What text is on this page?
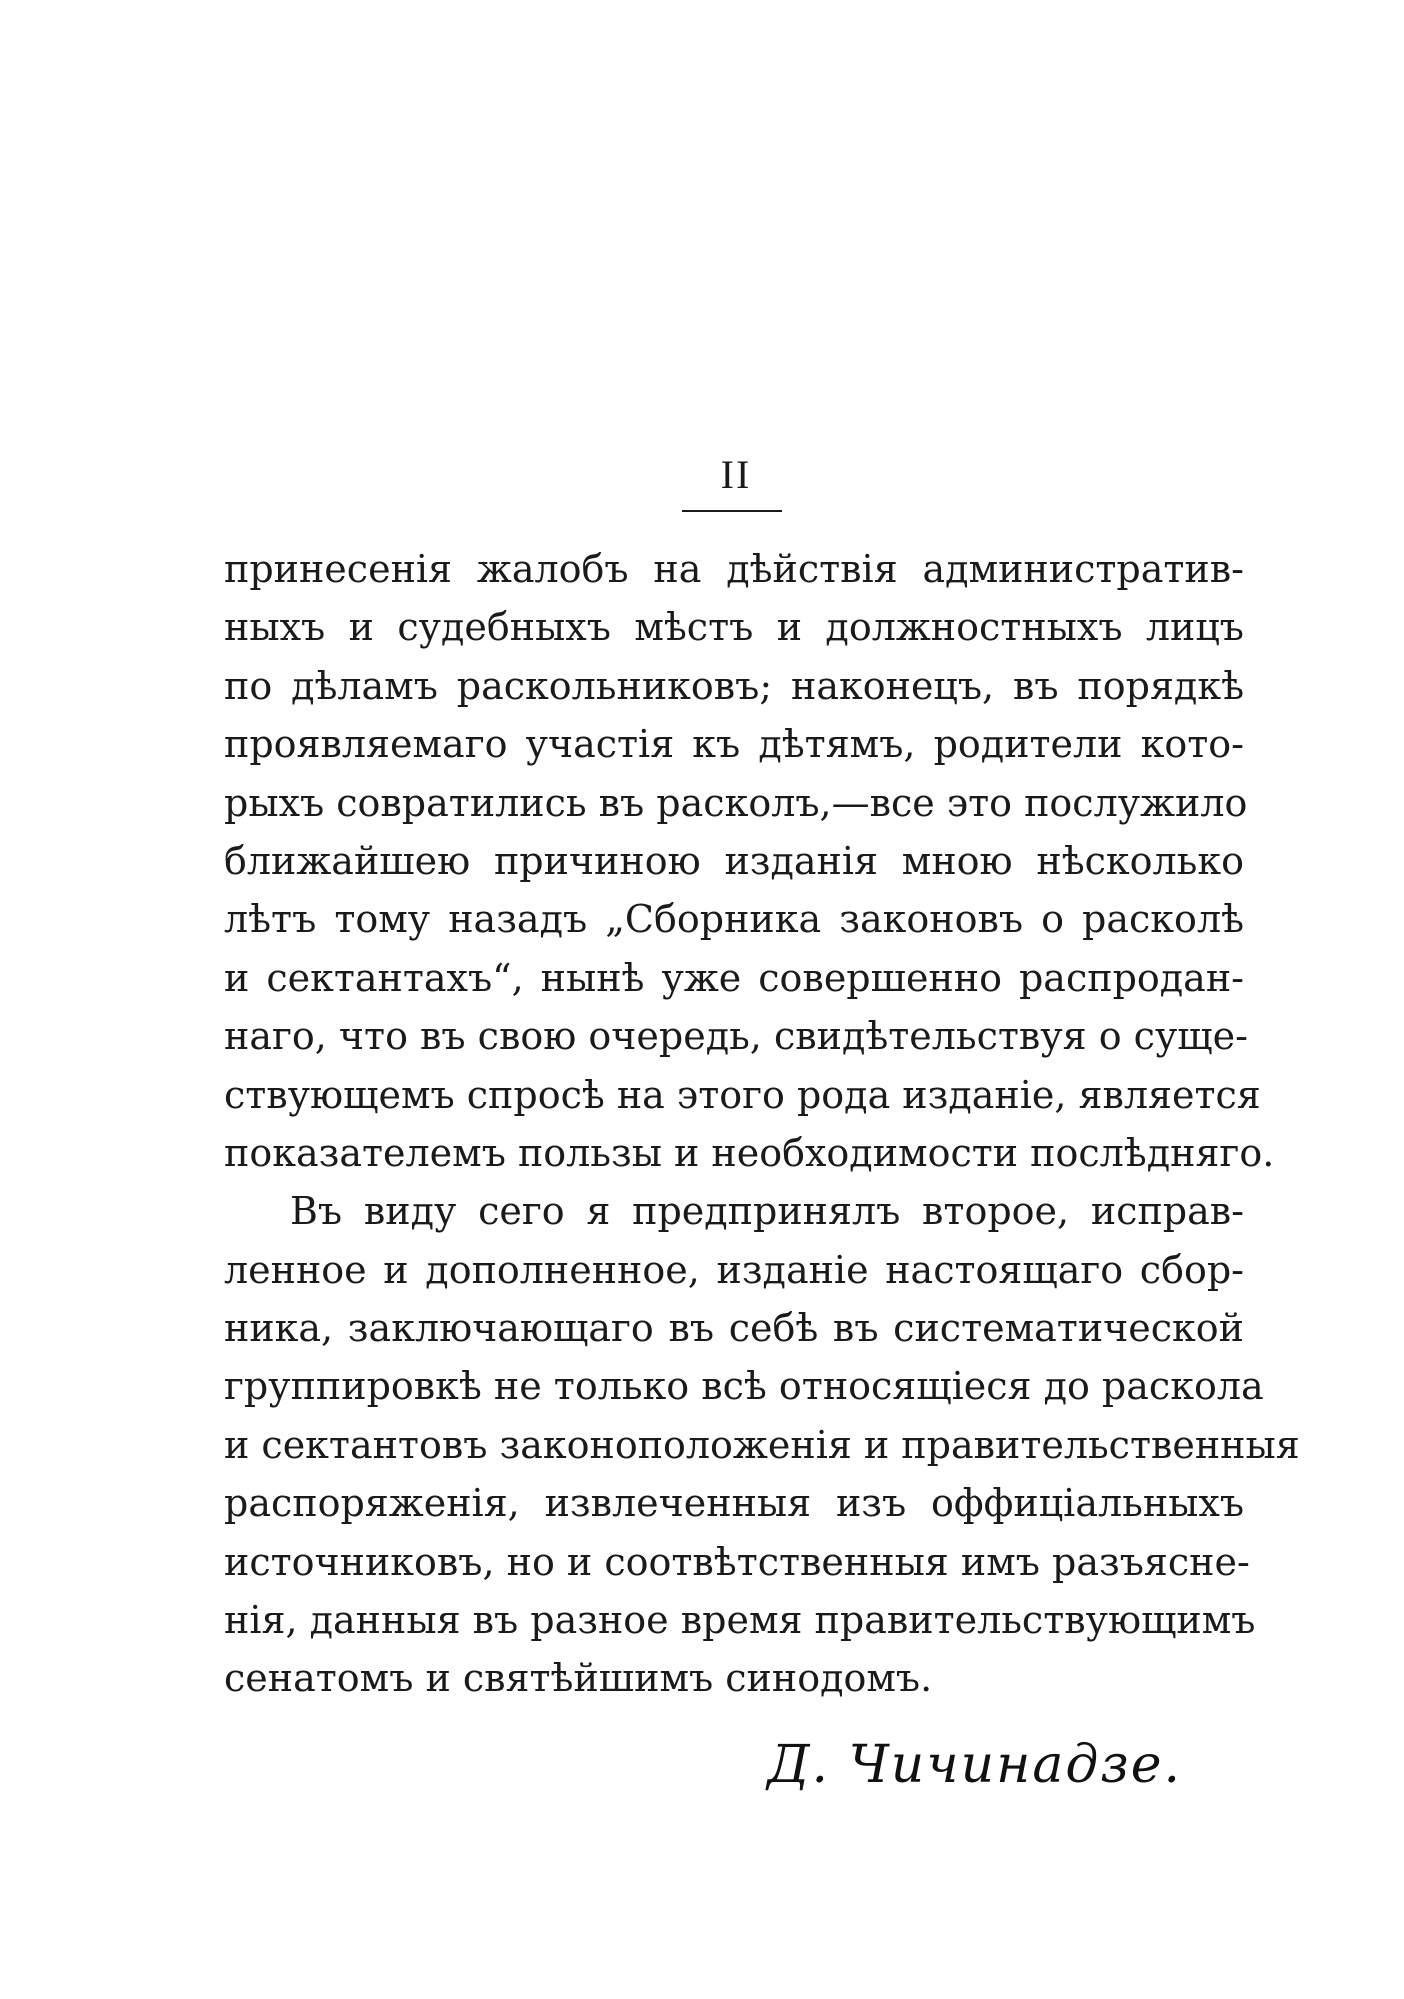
II
принесенія жалобъ на дѣйствія административ-
ныхъ и судебныхъ мѣстъ и должностныхъ лицъ
по дѣламъ раскольниковъ; наконецъ, въ порядкѣ
проявляемаго участія къ дѣтямъ, родители кото-
рыхъ совратились въ расколъ,—все это послужило
ближайшею причиною изданія мною нѣсколько
лѣтъ тому назадъ „Сборника законовъ о расколѣ
и сектантахъ“, нынѣ уже совершенно распродан-
наго, что въ свою очередь, свидѣтельствуя о суще-
ствующемъ спросѣ на этого рода изданіе, является
показателемъ пользы и необходимости послѣдняго.
Въ виду сего я предпринялъ второе, исправ-
ленное и дополненное, изданіе настоящаго сбор-
ника, заключающаго въ себѣ въ систематической
группировкѣ не только всѣ относящіеся до раскола
и сектантовъ законоположенія и правительственныя
распоряженія, извлеченныя изъ оффиціальныхъ
источниковъ, но и соотвѣтственныя имъ разъясне-
нія, данныя въ разное время правительствующимъ
сенатомъ и святѣйшимъ синодомъ.
Д. Чичинадзе.
